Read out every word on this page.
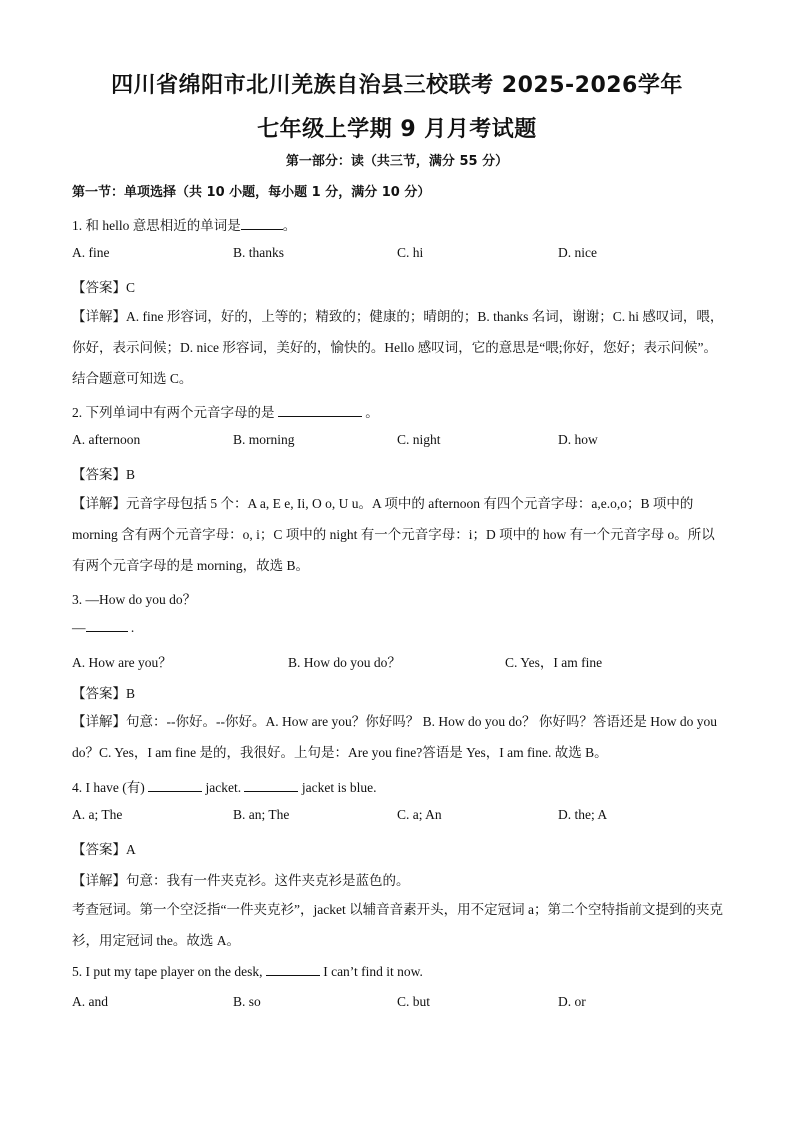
四川省绵阳市北川羌族自治县三校联考 2025-2026学年
七年级上学期 9 月月考试题
第一部分：读（共三节，满分 55 分）
第一节：单项选择（共 10 小题，每小题 1 分，满分 10 分）
1. 和 hello 意思相近的单词是	。
A. fine	B. thanks	C. hi	D. nice
【答案】C
【详解】A. fine 形容词，好的，上等的；精致的；健康的；晴朗的；B. thanks 名词，谢谢；C. hi 感叹词，喂，你好，表示问候；D. nice 形容词，美好的，愉快的。Hello 感叹词，它的意思是“喂;你好，您好；表示问候”。结合题意可知选 C。
2. 下列单词中有两个元音字母的是	。
A. afternoon	B. morning	C. night	D. how
【答案】B
【详解】元音字母包括 5 个：A a, E e, Ii, O o, U u。A 项中的 afternoon 有四个元音字母：a,e.o,o；B 项中的 morning 含有两个元音字母：o, i；C 项中的 night 有一个元音字母：i；D 项中的 how 有一个元音字母 o。所以有两个元音字母的是 morning，故选 B。
3. —How do you do？
—	.
A. How are you？	B. How do you do？	C. Yes，I am fine
【答案】B
【详解】句意：--你好。--你好。A. How are you？你好吗？ B. How do you do？ 你好吗？答语还是 How do you do？C. Yes，I am fine 是的，我很好。上句是：Are you fine?答语是 Yes，I am fine. 故选 B。
4. I have (有)	jacket.	jacket is blue.
A. a; The	B. an; The	C. a; An	D. the; A
【答案】A
【详解】句意：我有一件夹克衫。这件夹克衫是蓝色的。
考查冠词。第一个空泛指“一件夹克衫”，jacket 以辅音音素开头，用不定冠词 a；第二个空特指前文提到的夹克衫，用定冠词 the。故选 A。
5. I put my tape player on the desk,	I can’t find it now.
A. and	B. so	C. but	D. or
